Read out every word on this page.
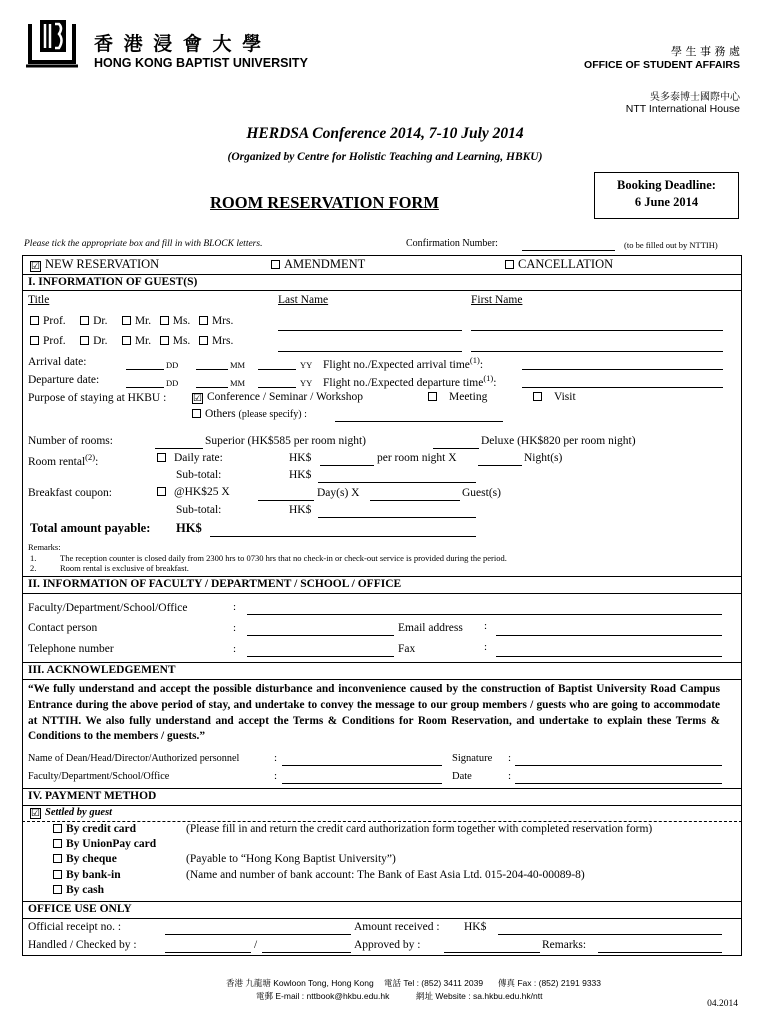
香 港 浸 會 大 學
HONG KONG BAPTIST UNIVERSITY
學 生 事 務 處
OFFICE OF STUDENT AFFAIRS
吳多泰博士國際中心
NTT International House
HERDSA Conference 2014, 7-10 July 2014
(Organized by Centre for Holistic Teaching and Learning, HBKU)
ROOM RESERVATION FORM
Booking Deadline:
6 June 2014
Please tick the appropriate box and fill in with BLOCK letters.	Confirmation Number:	(to be filled out by NTTIH)
☑ NEW RESERVATION	AMENDMENT	CANCELLATION
I. INFORMATION OF GUEST(S)
Title	Last Name	First Name
Prof. Dr. Mr. Ms. Mrs.
Prof. Dr. Mr. Ms. Mrs.
Arrival date:	DD	MM	YY Flight no./Expected arrival time$^{(1)}$:
Departure date:	DD	MM	YY Flight no./Expected departure time$^{(1)}$:
Purpose of staying at HKBU :	☑ Conference / Seminar / Workshop	Meeting	Visit
Others (please specify) :
Number of rooms:	Superior (HK$585 per room night)	Deluxe (HK$820 per room night)
Room rental$^{(2)}$:	Daily rate:	HK$	per room night X	Night(s)
Sub-total:	HK$
Breakfast coupon:	@HK$25 X	Day(s) X	Guest(s)
Sub-total:	HK$
Total amount payable: HK$
Remarks:
1.	The reception counter is closed daily from 2300 hrs to 0730 hrs that no check-in or check-out service is provided during the period.
2.	Room rental is exclusive of breakfast.
II. INFORMATION OF FACULTY / DEPARTMENT / SCHOOL / OFFICE
Faculty/Department/School/Office	:
Contact person	:	Email address :
Telephone number	:	Fax	:
III. ACKNOWLEDGEMENT
“We fully understand and accept the possible disturbance and inconvenience caused by the construction of Baptist University Road Campus Entrance during the above period of stay, and undertake to convey the message to our group members / guests who are going to accommodate at NTTIH. We also fully understand and accept the Terms & Conditions for Room Reservation, and undertake to explain these Terms & Conditions to the members / guests.”
Name of Dean/Head/Director/Authorized personnel	:	Signature :
Faculty/Department/School/Office	:	Date	:
IV. PAYMENT METHOD
☑ Settled by guest
By credit card	(Please fill in and return the credit card authorization form together with completed reservation form)
By UnionPay card
By cheque	(Payable to “Hong Kong Baptist University”)
By bank-in	(Name and number of bank account: The Bank of East Asia Ltd. 015-204-40-00089-8)
By cash
OFFICE USE ONLY
Official receipt no. :	Amount received : HK$
Handled / Checked by :	/	Approved by :	Remarks:
香港 九龍塘 Kowloon Tong, Hong Kong 電話 Tel : (852) 3411 2039 傳真 Fax : (852) 2191 9333
電郵 E-mail : nttbook@hkbu.edu.hk	網址 Website : sa.hkbu.edu.hk/ntt
04.2014
